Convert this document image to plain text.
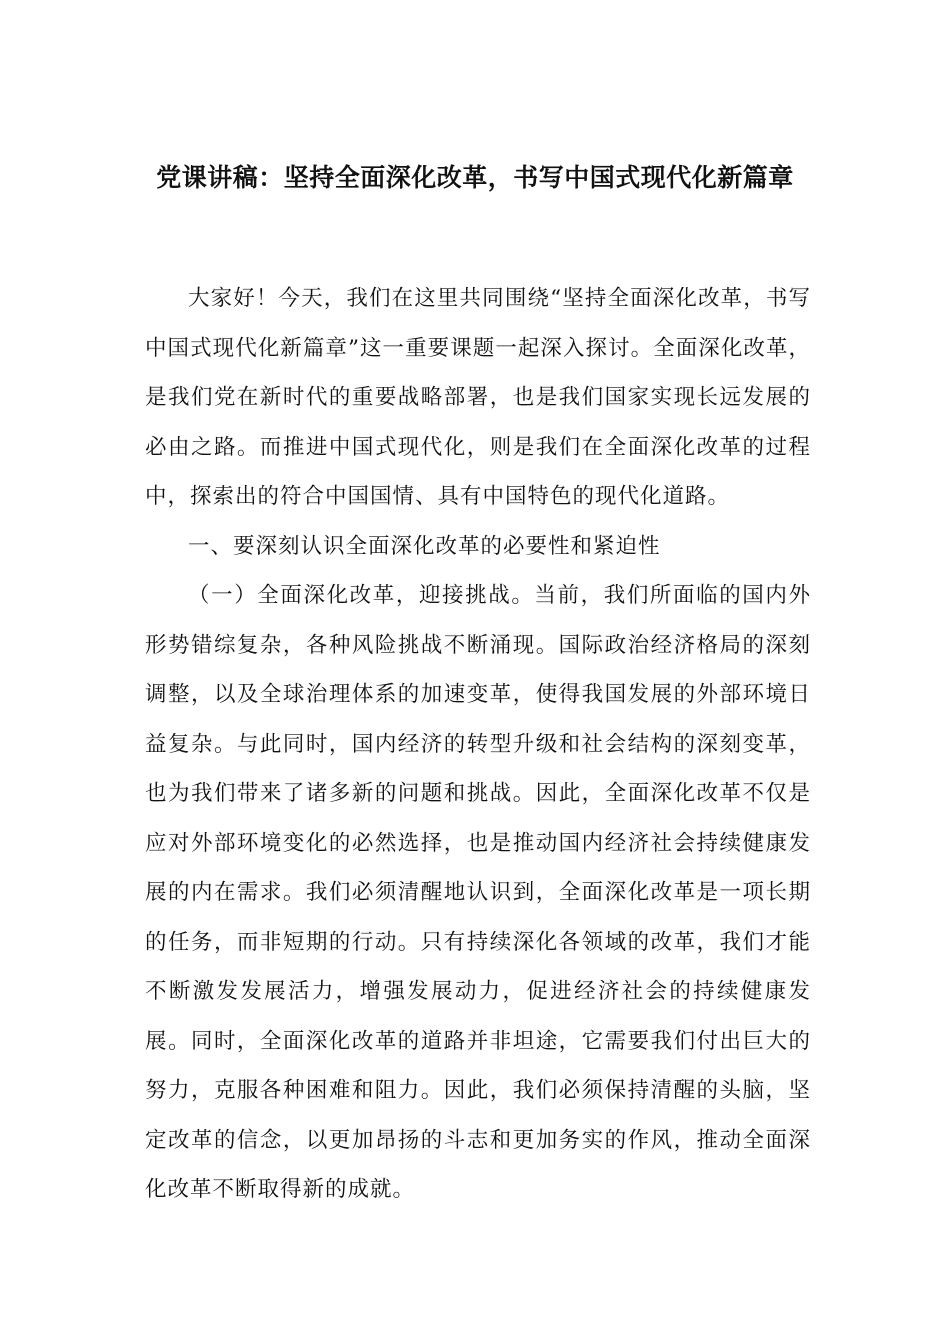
党课讲稿：坚持全面深化改革，书写中国式现代化新篇章

大家好！今天，我们在这里共同围绕“坚持全面深化改革，书写中国式现代化新篇章”这一重要课题一起深入探讨。全面深化改革，是我们党在新时代的重要战略部署，也是我们国家实现长远发展的必由之路。而推进中国式现代化，则是我们在全面深化改革的过程中，探索出的符合中国国情、具有中国特色的现代化道路。

一、要深刻认识全面深化改革的必要性和紧迫性

（一）全面深化改革，迎接挑战。当前，我们所面临的国内外形势错综复杂，各种风险挑战不断涌现。国际政治经济格局的深刻调整，以及全球治理体系的加速变革，使得我国发展的外部环境日益复杂。与此同时，国内经济的转型升级和社会结构的深刻变革，也为我们带来了诸多新的问题和挑战。因此，全面深化改革不仅是应对外部环境变化的必然选择，也是推动国内经济社会持续健康发展的内在需求。我们必须清醒地认识到，全面深化改革是一项长期的任务，而非短期的行动。只有持续深化各领域的改革，我们才能不断激发发展活力，增强发展动力，促进经济社会的持续健康发展。同时，全面深化改革的道路并非坦途，它需要我们付出巨大的努力，克服各种困难和阻力。因此，我们必须保持清醒的头脑，坚定改革的信念，以更加昂扬的斗志和更加务实的作风，推动全面深化改革不断取得新的成就。
